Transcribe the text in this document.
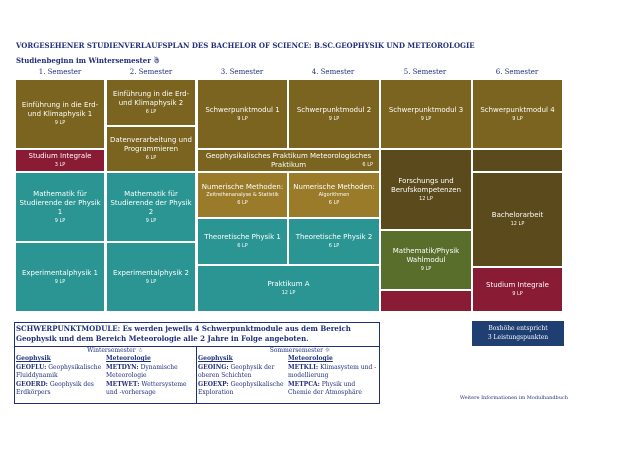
VORGESEHENER STUDIENVERLAUFSPLAN DES BACHELOR OF SCIENCE: B.SC.GEOPHYSIK UND METEOROLOGIE
Studienbeginn im Wintersemester ☃
1. Semester	2. Semester	3. Semester	4. Semester	5. Semester	6. Semester
Einführung in die Erd- und Klimaphysik 1
9 LP
Studium Integrale
3 LP
Mathematik für Studierende der Physik 1
9 LP
Experimentalphysik 1
9 LP
Einführung in die Erd- und Klimaphysik 2
6 LP
Datenverarbeitung und Programmieren
6 LP
Mathematik für Studierende der Physik 2
9 LP
Experimentalphysik 2
9 LP
Schwerpunktmodul 1
9 LP
Schwerpunktmodul 2
9 LP
Schwerpunktmodul 3
9 LP
Schwerpunktmodul 4
9 LP
Geophysikalisches Praktikum Meteorologisches Praktikum	6 LP
Forschungs und Berufskompetenzen
12 LP
Numerische Methoden:
Zeitreihenanalyse & Statistik
6 LP
Numerische Methoden:
Algorithmen
6 LP
Bachelorarbeit
12 LP
Theoretische Physik 1
6 LP
Theoretische Physik 2
6 LP
Mathematik/Physik Wahlmodul
9 LP
Studium Integrale
9 LP
Praktikum A
12 LP
SCHWERPUNKTMODULE: Es werden jeweils 4 Schwerpunktmodule aus dem Bereich Geophysik und dem Bereich Meteorologie alle 2 Jahre in Folge angeboten.
Wintersemester ☃	Sommersemester ☼
Geophysik	Meteorologie	Geophysik	Meteorologie
GEOFLU: Geophysikalische Fluiddynamik
GEOERD: Geophysik des Erdkörpers
METDYN: Dynamische Meteorologie
METWET: Wettersysteme und -vorhersage
GEOING: Geophysik der oberen Schichten
GEOEXP: Geophysikalische Exploration
METKLI: Klimasystem und -modellierung
METPCA: Physik und Chemie der Atmosphäre
Boxhöhe entspricht
3 Leistungspunkten
Weitere Informationen im Modulhandbuch
